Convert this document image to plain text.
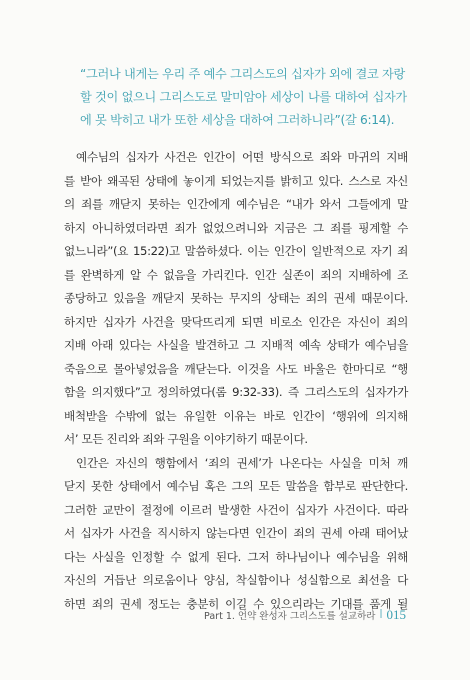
“그러나 내게는 우리 주 예수 그리스도의 십자가 외에 결코 자랑
할 것이 없으니 그리스도로 말미암아 세상이 나를 대하여 십자가
에 못 박히고 내가 또한 세상을 대하여 그러하니라”(갈 6:14).
예수님의 십자가 사건은 인간이 어떤 방식으로 죄와 마귀의 지배
를 받아 왜곡된 상태에 놓이게 되었는지를 밝히고 있다. 스스로 자신
의 죄를 깨닫지 못하는 인간에게 예수님은 “내가 와서 그들에게 말
하지 아니하였더라면 죄가 없었으려니와 지금은 그 죄를 핑계할 수
없느니라”(요 15:22)고 말씀하셨다. 이는 인간이 일반적으로 자기 죄
를 완벽하게 알 수 없음을 가리킨다. 인간 실존이 죄의 지배하에 조
종당하고 있음을 깨닫지 못하는 무지의 상태는 죄의 권세 때문이다.
하지만 십자가 사건을 맞닥뜨리게 되면 비로소 인간은 자신이 죄의
지배 아래 있다는 사실을 발견하고 그 지배적 예속 상태가 예수님을
죽음으로 몰아넣었음을 깨닫는다. 이것을 사도 바울은 한마디로 “행
함을 의지했다”고 정의하였다(롬 9:32-33). 즉 그리스도의 십자가가
배척받을 수밖에 없는 유일한 이유는 바로 인간이 ‘행위에 의지해
서’ 모든 진리와 죄와 구원을 이야기하기 때문이다.
인간은 자신의 행함에서 ‘죄의 권세’가 나온다는 사실을 미처 깨
닫지 못한 상태에서 예수님 혹은 그의 모든 말씀을 함부로 판단한다.
그러한 교만이 절정에 이르러 발생한 사건이 십자가 사건이다. 따라
서 십자가 사건을 직시하지 않는다면 인간이 죄의 권세 아래 태어났
다는 사실을 인정할 수 없게 된다. 그저 하나님이나 예수님을 위해
자신의 거듭난 의로움이나 양심, 착실함이나 성실함으로 최선을 다
하면 죄의 권세 정도는 충분히 이길 수 있으리라는 기대를 품게 될
Part 1. 언약 완성자 그리스도를 설교하라 | 015
